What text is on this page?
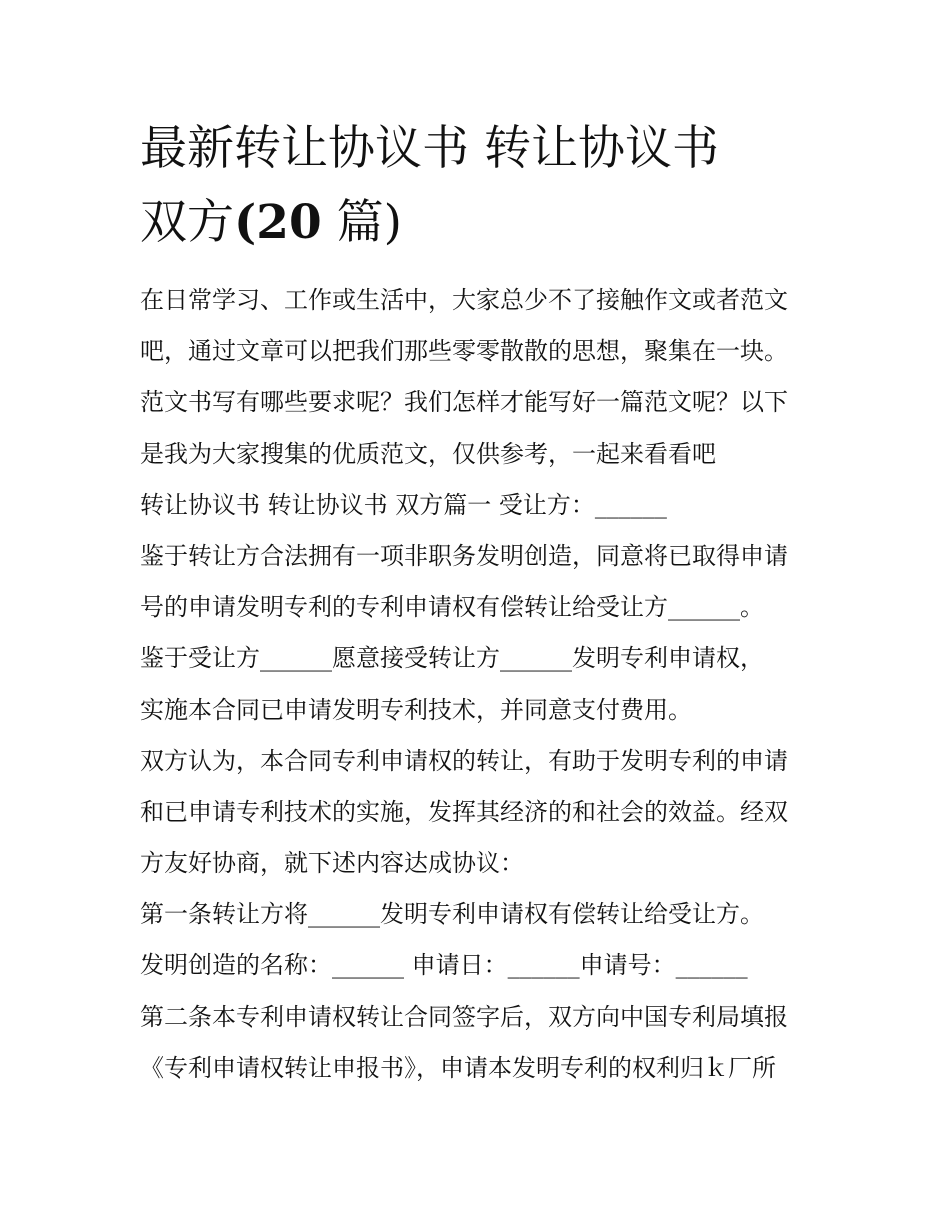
最新转让协议书 转让协议书
双方(20 篇)
在日常学习、工作或生活中，大家总少不了接触作文或者范文
吧，通过文章可以把我们那些零零散散的思想，聚集在一块。
范文书写有哪些要求呢？我们怎样才能写好一篇范文呢？以下
是我为大家搜集的优质范文，仅供参考，一起来看看吧
转让协议书 转让协议书 双方篇一 受让方：______
鉴于转让方合法拥有一项非职务发明创造，同意将已取得申请
号的申请发明专利的专利申请权有偿转让给受让方______。
鉴于受让方______愿意接受转让方______发明专利申请权，
实施本合同已申请发明专利技术，并同意支付费用。
双方认为，本合同专利申请权的转让，有助于发明专利的申请
和已申请专利技术的实施，发挥其经济的和社会的效益。经双
方友好协商，就下述内容达成协议：
第一条转让方将______发明专利申请权有偿转让给受让方。
发明创造的名称：______ 申请日：______申请号：______
第二条本专利申请权转让合同签字后，双方向中国专利局填报
《专利申请权转让申报书》，申请本发明专利的权利归ｋ厂所
